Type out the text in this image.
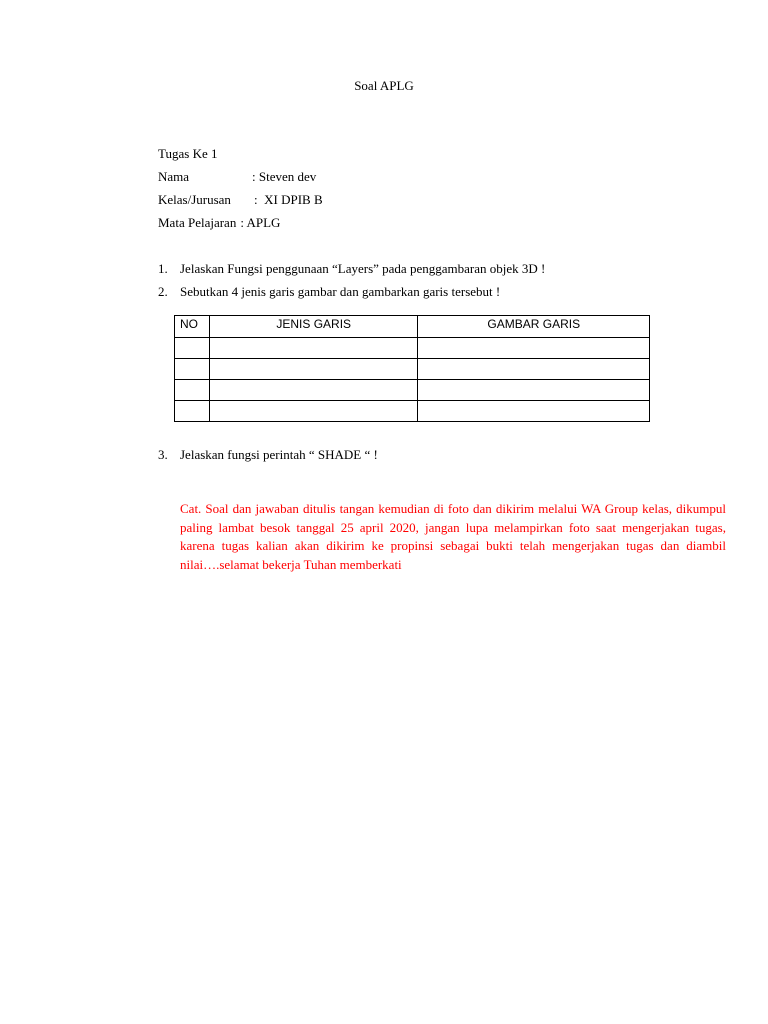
Soal APLG
Tugas Ke 1
Nama	: Steven dev
Kelas/Jurusan :  XI DPIB B
Mata Pelajaran : APLG
1. Jelaskan Fungsi penggunaan “Layers” pada penggambaran objek 3D !
2. Sebutkan 4 jenis garis gambar dan gambarkan garis tersebut !
NO	JENIS GARIS	GAMBAR GARIS

3. Jelaskan fungsi perintah “ SHADE “ !
Cat. Soal dan jawaban ditulis tangan kemudian di foto dan dikirim melalui WA Group kelas, dikumpul paling lambat besok tanggal 25 april 2020, jangan lupa melampirkan foto saat mengerjakan tugas, karena tugas kalian akan dikirim ke propinsi sebagai bukti telah mengerjakan tugas dan diambil nilai….selamat bekerja Tuhan memberkati
